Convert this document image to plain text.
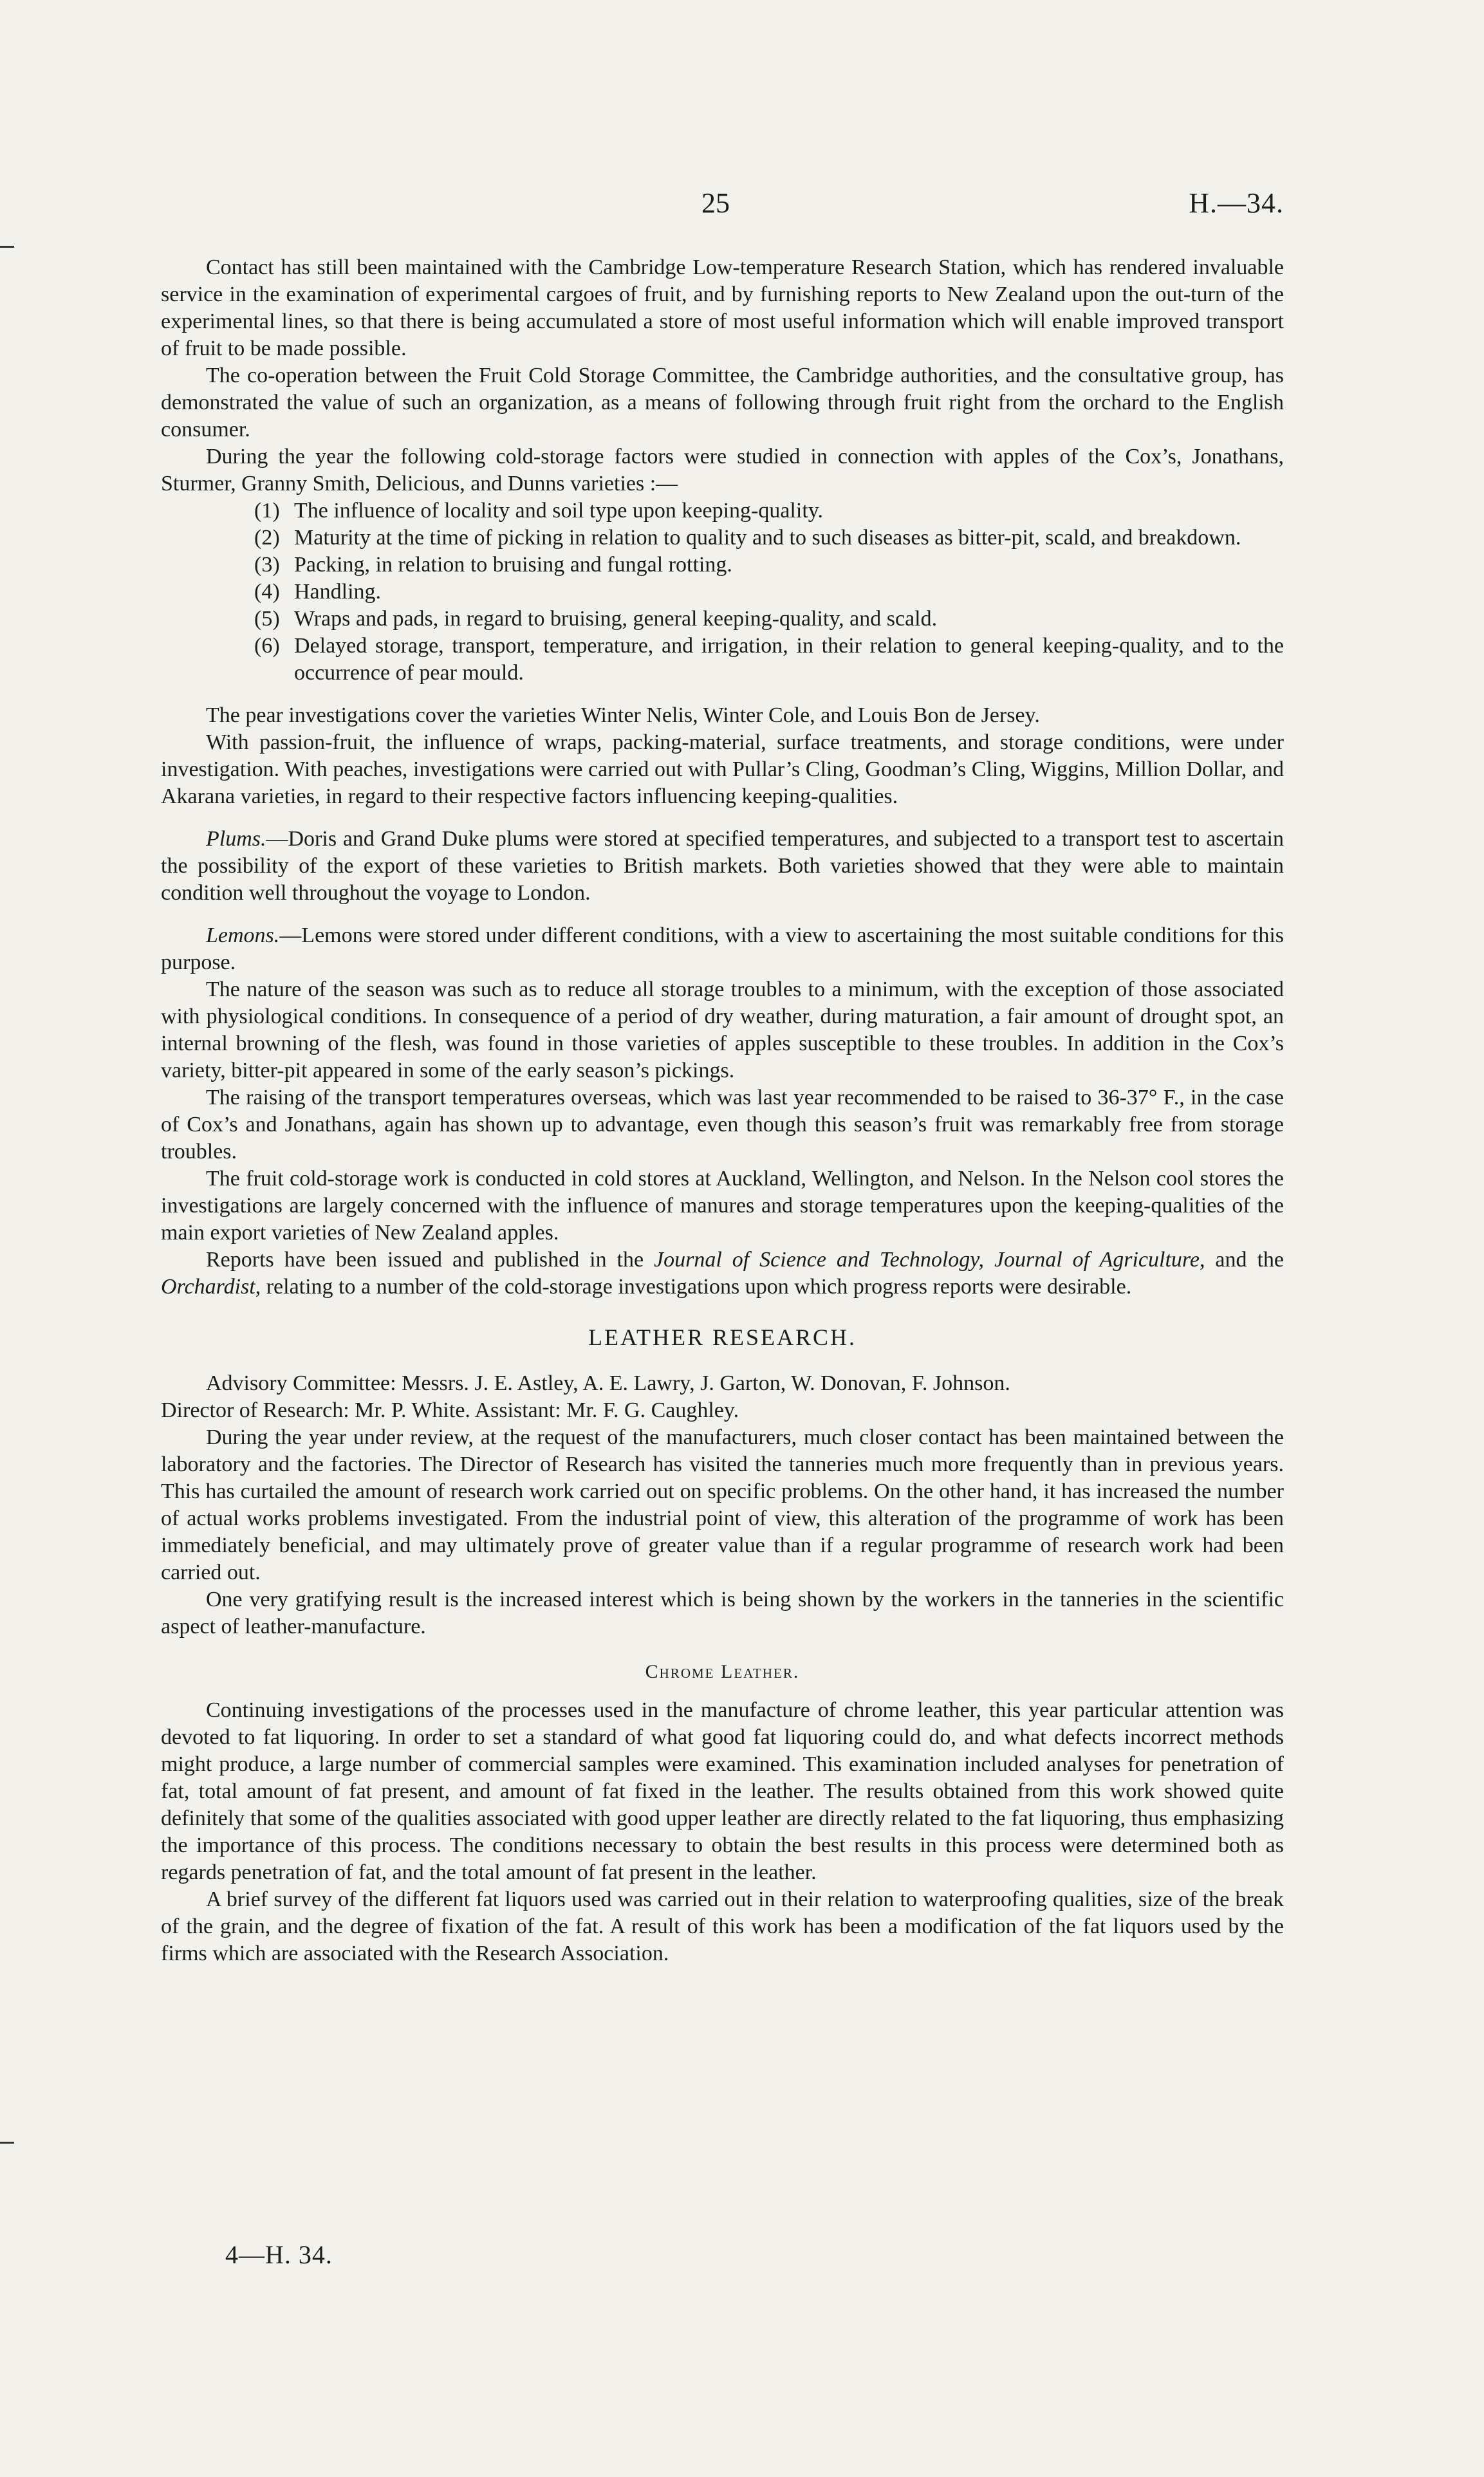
25	H.—34.

Contact has still been maintained with the Cambridge Low-temperature Research Station, which has rendered invaluable service in the examination of experimental cargoes of fruit, and by furnishing reports to New Zealand upon the out-turn of the experimental lines, so that there is being accumulated a store of most useful information which will enable improved transport of fruit to be made possible.

The co-operation between the Fruit Cold Storage Committee, the Cambridge authorities, and the consultative group, has demonstrated the value of such an organization, as a means of following through fruit right from the orchard to the English consumer.

During the year the following cold-storage factors were studied in connection with apples of the Cox’s, Jonathans, Sturmer, Granny Smith, Delicious, and Dunns varieties :—

(1) The influence of locality and soil type upon keeping-quality.
(2) Maturity at the time of picking in relation to quality and to such diseases as bitter-pit, scald, and breakdown.
(3) Packing, in relation to bruising and fungal rotting.
(4) Handling.
(5) Wraps and pads, in regard to bruising, general keeping-quality, and scald.
(6) Delayed storage, transport, temperature, and irrigation, in their relation to general keeping-quality, and to the occurrence of pear mould.

The pear investigations cover the varieties Winter Nelis, Winter Cole, and Louis Bon de Jersey.

With passion-fruit, the influence of wraps, packing-material, surface treatments, and storage conditions, were under investigation. With peaches, investigations were carried out with Pullar’s Cling, Goodman’s Cling, Wiggins, Million Dollar, and Akarana varieties, in regard to their respective factors influencing keeping-qualities.

Plums.—Doris and Grand Duke plums were stored at specified temperatures, and subjected to a transport test to ascertain the possibility of the export of these varieties to British markets. Both varieties showed that they were able to maintain condition well throughout the voyage to London.

Lemons.—Lemons were stored under different conditions, with a view to ascertaining the most suitable conditions for this purpose.

The nature of the season was such as to reduce all storage troubles to a minimum, with the exception of those associated with physiological conditions. In consequence of a period of dry weather, during maturation, a fair amount of drought spot, an internal browning of the flesh, was found in those varieties of apples susceptible to these troubles. In addition in the Cox’s variety, bitter-pit appeared in some of the early season’s pickings.

The raising of the transport temperatures overseas, which was last year recommended to be raised to 36-37° F., in the case of Cox’s and Jonathans, again has shown up to advantage, even though this season’s fruit was remarkably free from storage troubles.

The fruit cold-storage work is conducted in cold stores at Auckland, Wellington, and Nelson. In the Nelson cool stores the investigations are largely concerned with the influence of manures and storage temperatures upon the keeping-qualities of the main export varieties of New Zealand apples.

Reports have been issued and published in the Journal of Science and Technology, Journal of Agriculture, and the Orchardist, relating to a number of the cold-storage investigations upon which progress reports were desirable.

LEATHER RESEARCH.

Advisory Committee: Messrs. J. E. Astley, A. E. Lawry, J. Garton, W. Donovan, F. Johnson.

Director of Research: Mr. P. White. Assistant: Mr. F. G. Caughley.

During the year under review, at the request of the manufacturers, much closer contact has been maintained between the laboratory and the factories. The Director of Research has visited the tanneries much more frequently than in previous years. This has curtailed the amount of research work carried out on specific problems. On the other hand, it has increased the number of actual works problems investigated. From the industrial point of view, this alteration of the programme of work has been immediately beneficial, and may ultimately prove of greater value than if a regular programme of research work had been carried out.

One very gratifying result is the increased interest which is being shown by the workers in the tanneries in the scientific aspect of leather-manufacture.

Chrome Leather.

Continuing investigations of the processes used in the manufacture of chrome leather, this year particular attention was devoted to fat liquoring. In order to set a standard of what good fat liquoring could do, and what defects incorrect methods might produce, a large number of commercial samples were examined. This examination included analyses for penetration of fat, total amount of fat present, and amount of fat fixed in the leather. The results obtained from this work showed quite definitely that some of the qualities associated with good upper leather are directly related to the fat liquoring, thus emphasizing the importance of this process. The conditions necessary to obtain the best results in this process were determined both as regards penetration of fat, and the total amount of fat present in the leather.

A brief survey of the different fat liquors used was carried out in their relation to waterproofing qualities, size of the break of the grain, and the degree of fixation of the fat. A result of this work has been a modification of the fat liquors used by the firms which are associated with the Research Association.

4—H. 34.
